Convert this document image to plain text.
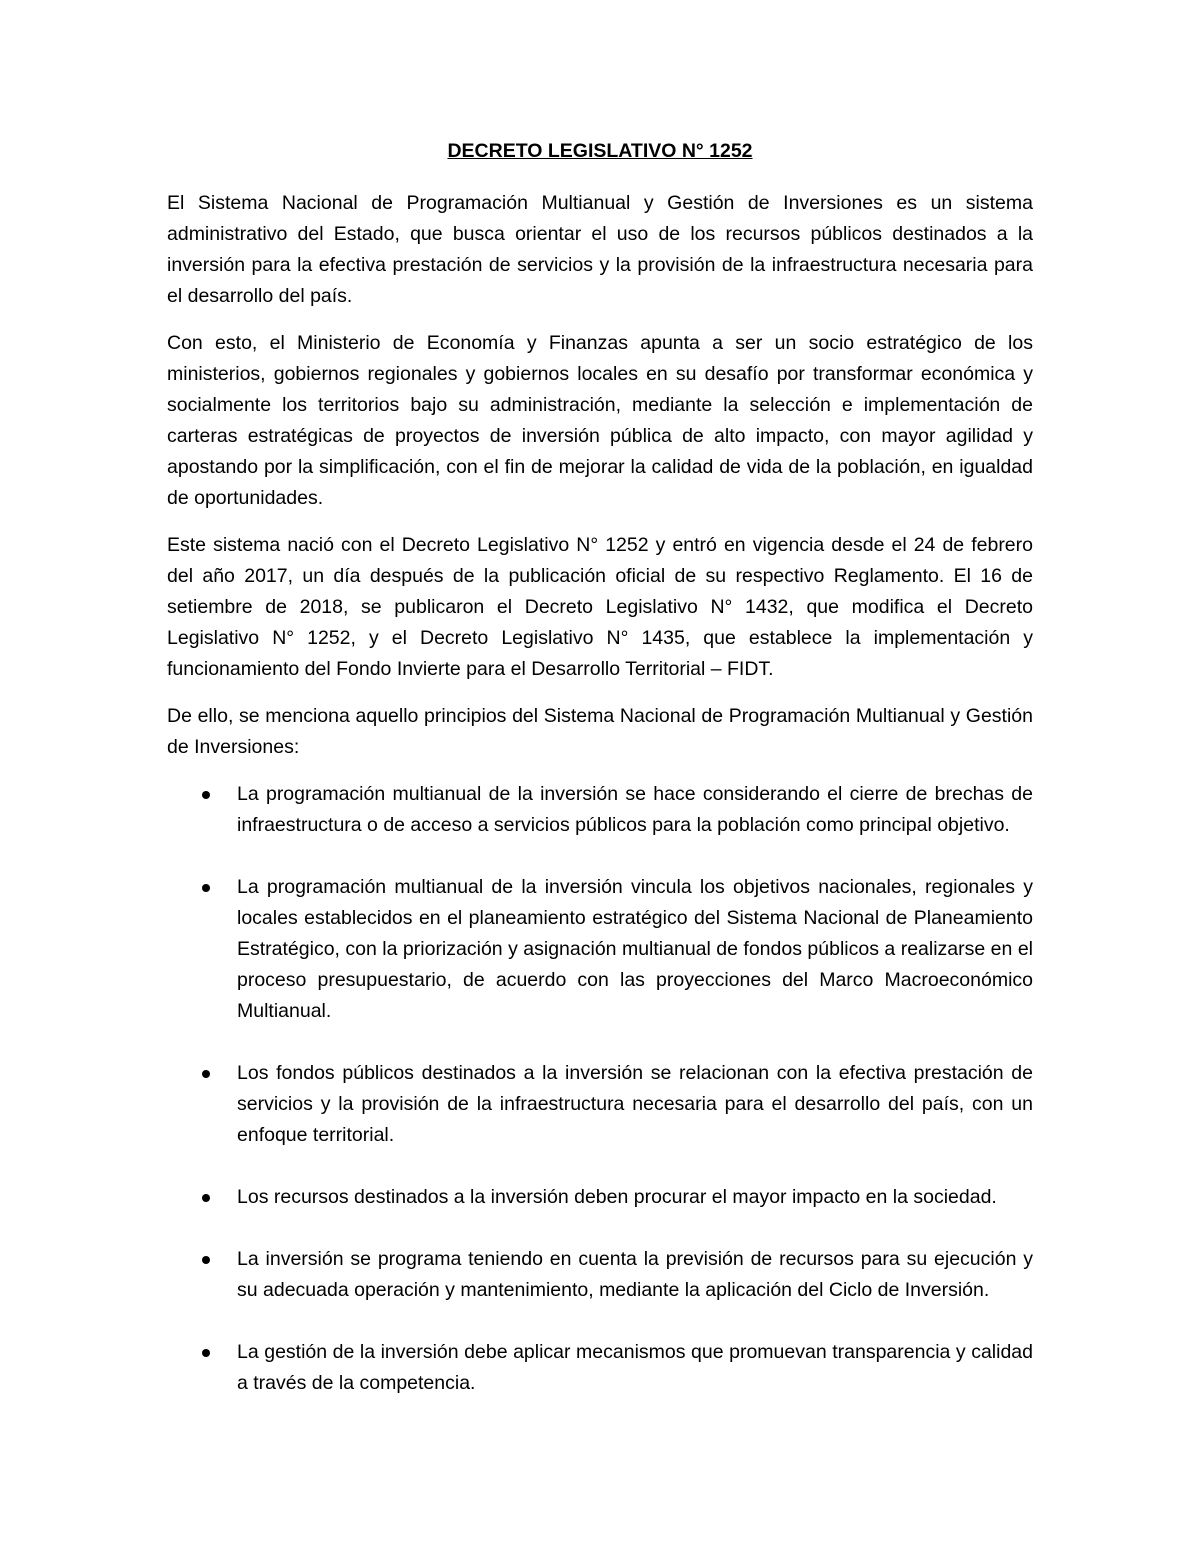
DECRETO LEGISLATIVO N° 1252

El Sistema Nacional de Programación Multianual y Gestión de Inversiones es un sistema administrativo del Estado, que busca orientar el uso de los recursos públicos destinados a la inversión para la efectiva prestación de servicios y la provisión de la infraestructura necesaria para el desarrollo del país.

Con esto, el Ministerio de Economía y Finanzas apunta a ser un socio estratégico de los ministerios, gobiernos regionales y gobiernos locales en su desafío por transformar económica y socialmente los territorios bajo su administración, mediante la selección e implementación de carteras estratégicas de proyectos de inversión pública de alto impacto, con mayor agilidad y apostando por la simplificación, con el fin de mejorar la calidad de vida de la población, en igualdad de oportunidades.

Este sistema nació con el Decreto Legislativo N° 1252 y entró en vigencia desde el 24 de febrero del año 2017, un día después de la publicación oficial de su respectivo Reglamento. El 16 de setiembre de 2018, se publicaron el Decreto Legislativo N° 1432, que modifica el Decreto Legislativo N° 1252, y el Decreto Legislativo N° 1435, que establece la implementación y funcionamiento del Fondo Invierte para el Desarrollo Territorial – FIDT.

De ello, se menciona aquello principios del Sistema Nacional de Programación Multianual y Gestión de Inversiones:

La programación multianual de la inversión se hace considerando el cierre de brechas de infraestructura o de acceso a servicios públicos para la población como principal objetivo.
La programación multianual de la inversión vincula los objetivos nacionales, regionales y locales establecidos en el planeamiento estratégico del Sistema Nacional de Planeamiento Estratégico, con la priorización y asignación multianual de fondos públicos a realizarse en el proceso presupuestario, de acuerdo con las proyecciones del Marco Macroeconómico Multianual.
Los fondos públicos destinados a la inversión se relacionan con la efectiva prestación de servicios y la provisión de la infraestructura necesaria para el desarrollo del país, con un enfoque territorial.
Los recursos destinados a la inversión deben procurar el mayor impacto en la sociedad.
La inversión se programa teniendo en cuenta la previsión de recursos para su ejecución y su adecuada operación y mantenimiento, mediante la aplicación del Ciclo de Inversión.
La gestión de la inversión debe aplicar mecanismos que promuevan transparencia y calidad a través de la competencia.
